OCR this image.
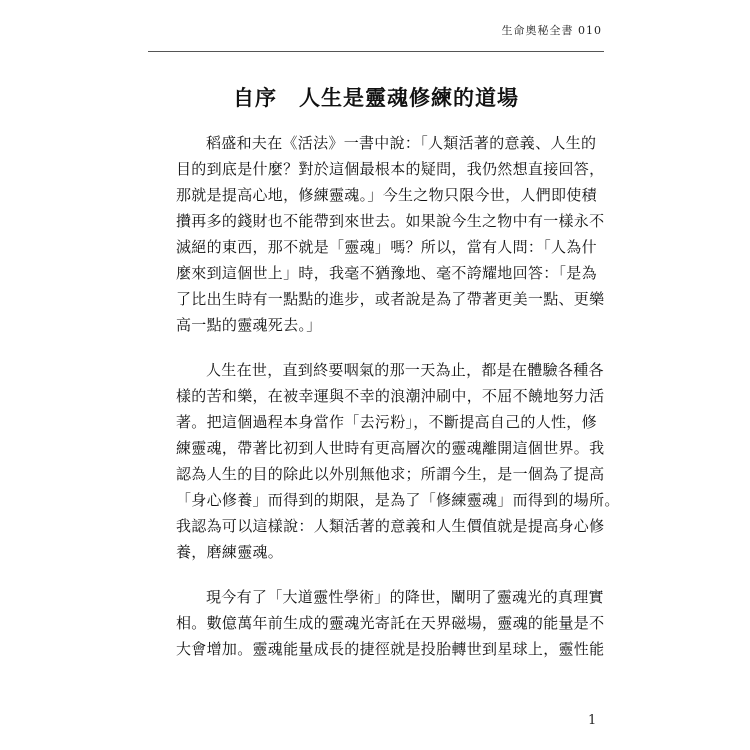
生命奧秘全書 010
自序　人生是靈魂修練的道場
稻盛和夫在《活法》一書中說：「人類活著的意義、人生的
目的到底是什麼？對於這個最根本的疑問，我仍然想直接回答，
那就是提高心地，修練靈魂。」今生之物只限今世，人們即使積
攢再多的錢財也不能帶到來世去。如果說今生之物中有一樣永不
滅絕的東西，那不就是「靈魂」嗎？所以，當有人問：「人為什
麼來到這個世上」時，我毫不猶豫地、毫不誇耀地回答：「是為
了比出生時有一點點的進步，或者說是為了帶著更美一點、更樂
高一點的靈魂死去。」
人生在世，直到終要咽氣的那一天為止，都是在體驗各種各
樣的苦和樂，在被幸運與不幸的浪潮沖刷中，不屈不饒地努力活
著。把這個過程本身當作「去污粉」，不斷提高自己的人性，修
練靈魂，帶著比初到人世時有更高層次的靈魂離開這個世界。我
認為人生的目的除此以外別無他求；所謂今生，是一個為了提高
「身心修養」而得到的期限，是為了「修練靈魂」而得到的場所。
我認為可以這樣說：人類活著的意義和人生價值就是提高身心修
養，磨練靈魂。
現今有了「大道靈性學術」的降世，闡明了靈魂光的真理實
相。數億萬年前生成的靈魂光寄託在天界磁場，靈魂的能量是不
大會增加。靈魂能量成長的捷徑就是投胎轉世到星球上，靈性能
1
